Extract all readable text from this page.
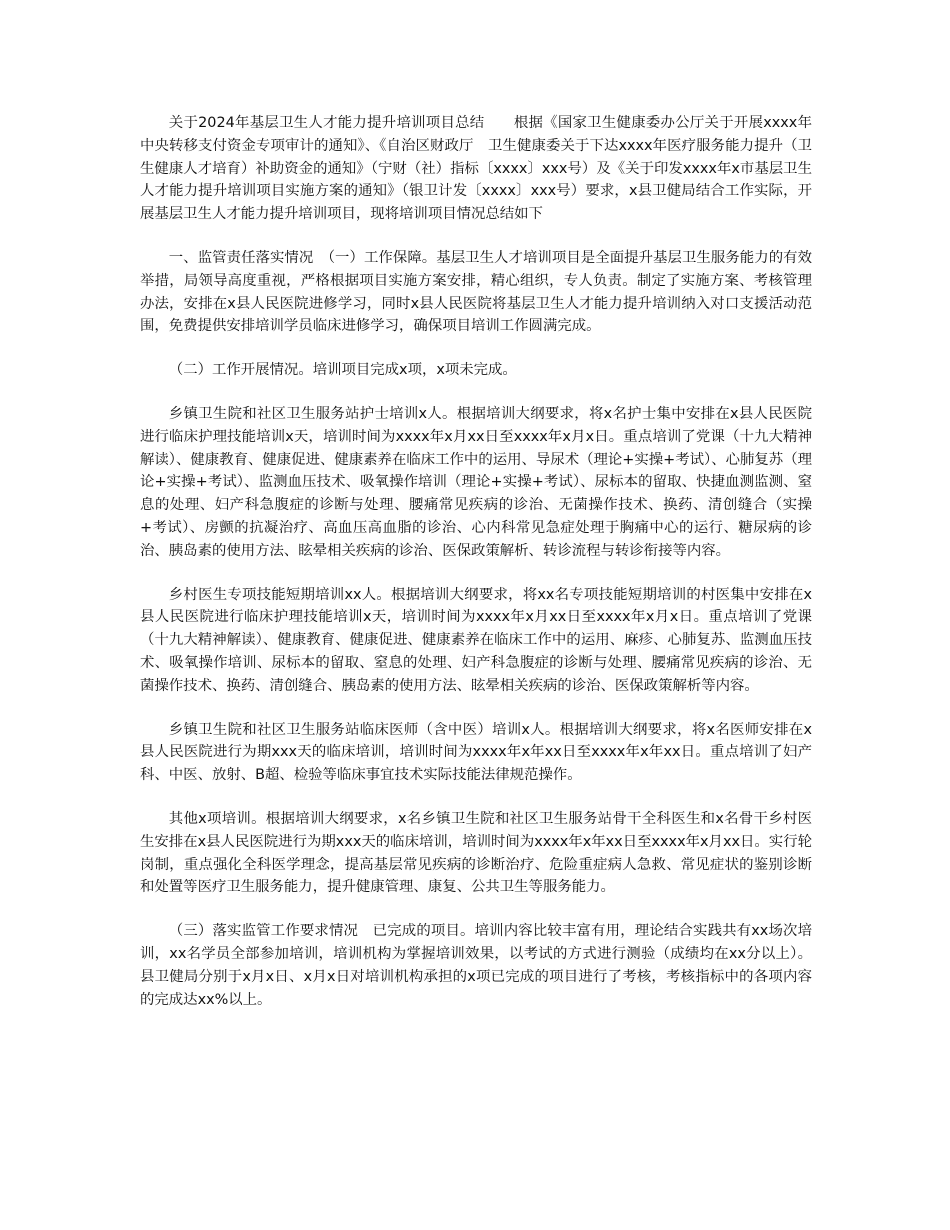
关于2024年基层卫生人才能力提升培训项目总结　　根据《国家卫生健康委办公厅关于开展xxxx年中央转移支付资金专项审计的通知》、《自治区财政厅　卫生健康委关于下达xxxx年医疗服务能力提升（卫生健康人才培育）补助资金的通知》（宁财（社）指标〔xxxx〕xxx号）及《关于印发xxxx年x市基层卫生人才能力提升培训项目实施方案的通知》（银卫计发〔xxxx〕xxx号）要求，x县卫健局结合工作实际，开展基层卫生人才能力提升培训项目，现将培训项目情况总结如下

一、监管责任落实情况　（一）工作保障。基层卫生人才培训项目是全面提升基层卫生服务能力的有效举措，局领导高度重视，严格根据项目实施方案安排，精心组织，专人负责。制定了实施方案、考核管理办法，安排在x县人民医院进修学习，同时x县人民医院将基层卫生人才能力提升培训纳入对口支援活动范围，免费提供安排培训学员临床进修学习，确保项目培训工作圆满完成。

（二）工作开展情况。培训项目完成x项，x项未完成。

乡镇卫生院和社区卫生服务站护士培训x人。根据培训大纲要求，将x名护士集中安排在x县人民医院进行临床护理技能培训x天，培训时间为xxxx年x月xx日至xxxx年x月x日。重点培训了党课（十九大精神解读）、健康教育、健康促进、健康素养在临床工作中的运用、导尿术（理论+实操+考试）、心肺复苏（理论+实操+考试）、监测血压技术、吸氧操作培训（理论+实操+考试）、尿标本的留取、快捷血测监测、窒息的处理、妇产科急腹症的诊断与处理、腰痛常见疾病的诊治、无菌操作技术、换药、清创缝合（实操+考试）、房颤的抗凝治疗、高血压高血脂的诊治、心内科常见急症处理于胸痛中心的运行、糖尿病的诊治、胰岛素的使用方法、眩晕相关疾病的诊治、医保政策解析、转诊流程与转诊衔接等内容。

乡村医生专项技能短期培训xx人。根据培训大纲要求，将xx名专项技能短期培训的村医集中安排在x县人民医院进行临床护理技能培训x天，培训时间为xxxx年x月xx日至xxxx年x月x日。重点培训了党课（十九大精神解读）、健康教育、健康促进、健康素养在临床工作中的运用、麻疹、心肺复苏、监测血压技术、吸氧操作培训、尿标本的留取、窒息的处理、妇产科急腹症的诊断与处理、腰痛常见疾病的诊治、无菌操作技术、换药、清创缝合、胰岛素的使用方法、眩晕相关疾病的诊治、医保政策解析等内容。

乡镇卫生院和社区卫生服务站临床医师（含中医）培训x人。根据培训大纲要求，将x名医师安排在x县人民医院进行为期xxx天的临床培训，培训时间为xxxx年x年xx日至xxxx年x年xx日。重点培训了妇产科、中医、放射、B超、检验等临床事宜技术实际技能法律规范操作。

其他x项培训。根据培训大纲要求，x名乡镇卫生院和社区卫生服务站骨干全科医生和x名骨干乡村医生安排在x县人民医院进行为期xxx天的临床培训，培训时间为xxxx年x年xx日至xxxx年x月xx日。实行轮岗制，重点强化全科医学理念，提高基层常见疾病的诊断治疗、危险重症病人急救、常见症状的鉴别诊断和处置等医疗卫生服务能力，提升健康管理、康复、公共卫生等服务能力。

（三）落实监管工作要求情况　已完成的项目。培训内容比较丰富有用，理论结合实践共有xx场次培训，xx名学员全部参加培训，培训机构为掌握培训效果，以考试的方式进行测验（成绩均在xx分以上）。县卫健局分别于x月x日、x月x日对培训机构承担的x项已完成的项目进行了考核，考核指标中的各项内容的完成达xx%以上。
